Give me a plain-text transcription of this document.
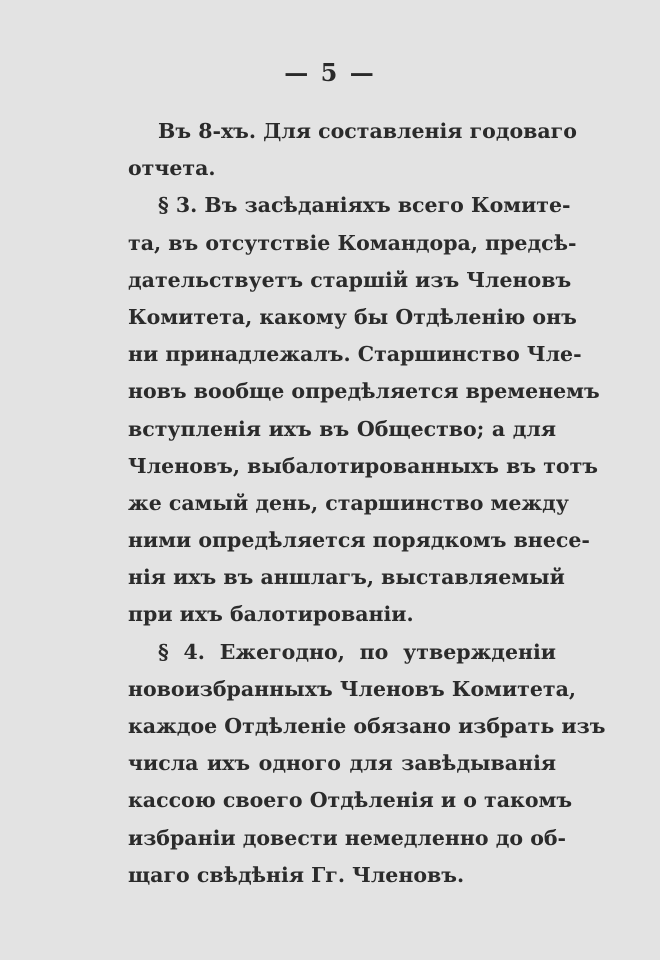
— 5 —
Въ 8-хъ. Для составленія годоваго
отчета.
§ 3. Въ засѣданіяхъ всего Комите-
та, въ отсутствіе Командора, предсѣ-
дательствуетъ старшій изъ Членовъ
Комитета, какому бы Отдѣленію онъ
ни принадлежалъ. Старшинство Чле-
новъ вообще опредѣляется временемъ
вступленія ихъ въ Общество; а для
Членовъ, выбалотированныхъ въ тотъ
же самый день, старшинство между
ними опредѣляется порядкомъ внесе-
нія ихъ въ аншлагъ, выставляемый
при ихъ балотированіи.
§ 4. Ежегодно, по утвержденіи
новоизбранныхъ Членовъ Комитета,
каждое Отдѣленіе обязано избрать изъ
числа ихъ одного для завѣдыванія
кассою своего Отдѣленія и о такомъ
избраніи довести немедленно до об-
щаго свѣдѣнія Гг. Членовъ.
